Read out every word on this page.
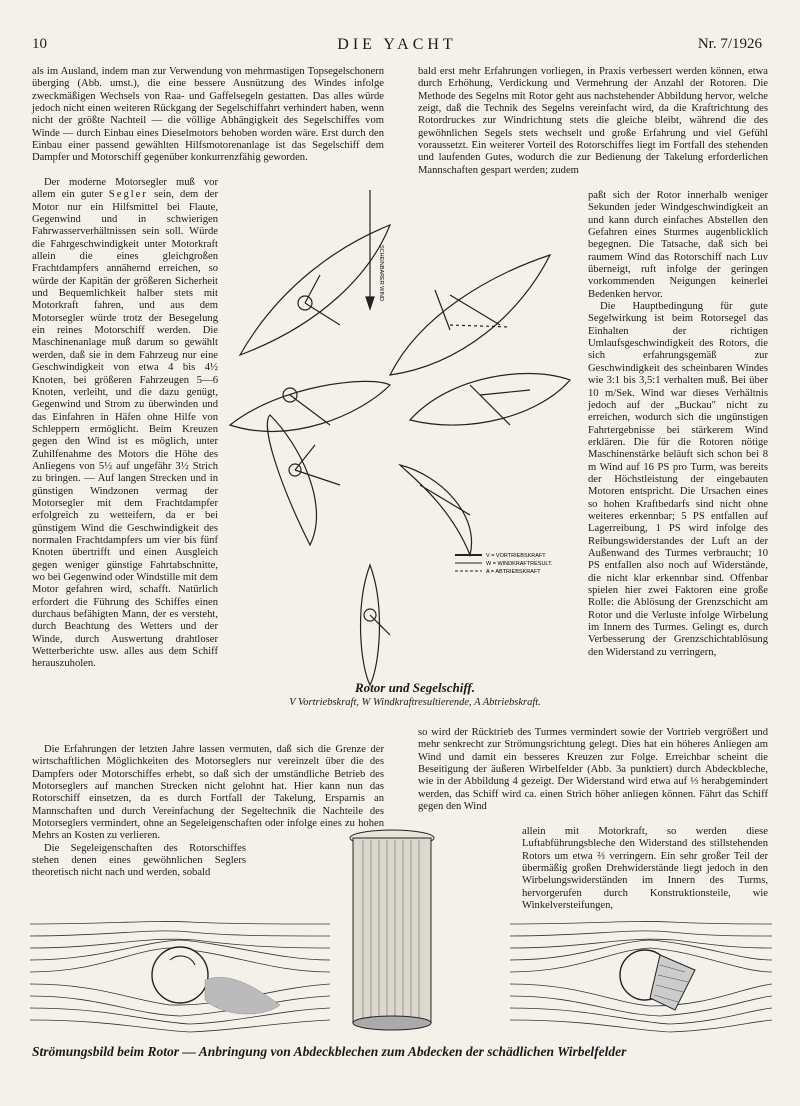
10	DIE YACHT	Nr. 7/1926

als im Ausland, indem man zur Verwendung von mehrmastigen Topsegelschonern überging (Abb. umst.), die eine bessere Ausnützung des Windes infolge zweckmäßigen Wechsels von Raa- und Gaffelsegeln gestatten. Das alles würde jedoch nicht einen weiteren Rückgang der Segelschiffahrt verhindert haben, wenn nicht der größte Nachteil — die völlige Abhängigkeit des Segelschiffes vom Winde — durch Einbau eines Dieselmotors behoben worden wäre. Erst durch den Einbau einer passend gewählten Hilfsmotorenanlage ist das Segelschiff dem Dampfer und Motorschiff gegenüber konkurrenzfähig geworden.

Der moderne Motorsegler muß vor allem ein guter Segler sein, dem der Motor nur ein Hilfsmittel bei Flaute, Gegenwind und in schwierigen Fahrwasserverhältnissen sein soll. Würde die Fahrgeschwindigkeit unter Motorkraft allein die eines gleichgroßen Frachtdampfers annähernd erreichen, so würde der Kapitän der größeren Sicherheit und Bequemlichkeit halber stets mit Motorkraft fahren, und aus dem Motorsegler würde trotz der Besegelung ein reines Motorschiff werden. Die Maschinenanlage muß darum so gewählt werden, daß sie in dem Fahrzeug nur eine Geschwindigkeit von etwa 4 bis 4½ Knoten, bei größeren Fahrzeugen 5—6 Knoten, verleiht, und die dazu genügt, Gegenwind und Strom zu überwinden und das Einfahren in Häfen ohne Hilfe von Schleppern ermöglicht. Beim Kreuzen gegen den Wind ist es möglich, unter Zuhilfenahme des Motors die Höhe des Anliegens von 5½ auf ungefähr 3½ Strich zu bringen. — Auf langen Strecken und in günstigen Windzonen vermag der Motorsegler mit dem Frachtdampfer erfolgreich zu wetteifern, da er bei günstigem Wind die Geschwindigkeit des normalen Frachtdampfers um vier bis fünf Knoten übertrifft und einen Ausgleich gegen weniger günstige Fahrtabschnitte, wo bei Gegenwind oder Windstille mit dem Motor gefahren wird, schafft. Natürlich erfordert die Führung des Schiffes einen durchaus befähigten Mann, der es versteht, durch Beachtung des Wetters und der Winde, durch Auswertung drahtloser Wetterberichte usw. alles aus dem Schiff herauszuholen.

Die Erfahrungen der letzten Jahre lassen vermuten, daß sich die Grenze der wirtschaftlichen Möglichkeiten des Motorseglers nur vereinzelt über die des Dampfers oder Motorschiffes erhebt, so daß sich der umständliche Betrieb des Motorseglers auf manchen Strecken nicht gelohnt hat. Hier kann nun das Rotorschiff einsetzen, da es durch Fortfall der Takelung, Ersparnis an Mannschaften und durch Vereinfachung der Segeltechnik die Nachteile des Motorseglers vermindert, ohne an Segeleigenschaften oder infolge eines zu hohen Mehrs an Kosten zu verlieren.

Die Segeleigenschaften des Rotorschiffes stehen denen eines gewöhnlichen Seglers theoretisch nicht nach und werden, sobald

bald erst mehr Erfahrungen vorliegen, in Praxis verbessert werden können, etwa durch Erhöhung, Verdickung und Vermehrung der Anzahl der Rotoren. Die Methode des Segelns mit Rotor geht aus nachstehender Abbildung hervor, welche zeigt, daß die Technik des Segelns vereinfacht wird, da die Kraftrichtung des Rotordruckes zur Windrichtung stets die gleiche bleibt, während die des gewöhnlichen Segels stets wechselt und große Erfahrung und viel Gefühl voraussetzt. Ein weiterer Vorteil des Rotorschiffes liegt im Fortfall des stehenden und laufenden Gutes, wodurch die zur Bedienung der Takelung erforderlichen Mannschaften gespart werden; zudem

paßt sich der Rotor innerhalb weniger Sekunden jeder Windgeschwindigkeit an und kann durch einfaches Abstellen den Gefahren eines Sturmes augenblicklich begegnen. Die Tatsache, daß sich bei raumem Wind das Rotorschiff nach Luv überneigt, ruft infolge der geringen vorkommenden Neigungen keinerlei Bedenken hervor.

Die Hauptbedingung für gute Segelwirkung ist beim Rotorsegel das Einhalten der richtigen Umlaufsgeschwindigkeit des Rotors, die sich erfahrungsgemäß zur Geschwindigkeit des scheinbaren Windes wie 3:1 bis 3,5:1 verhalten muß. Bei über 10 m/Sek. Wind war dieses Verhältnis jedoch auf der „Buckau" nicht zu erreichen, wodurch sich die ungünstigen Fahrtergebnisse bei stärkerem Wind erklären. Die für die Rotoren nötige Maschinenstärke beläuft sich schon bei 8 m Wind auf 16 PS pro Turm, was bereits der Höchstleistung der eingebauten Motoren entspricht. Die Ursachen eines so hohen Kraftbedarfs sind nicht ohne weiteres erkennbar; 5 PS entfallen auf Lagerreibung, 1 PS wird infolge des Reibungswiderstandes der Luft an der Außenwand des Turmes verbraucht; 10 PS entfallen also noch auf Widerstände, die nicht klar erkennbar sind. Offenbar spielen hier zwei Faktoren eine große Rolle: die Ablösung der Grenzschicht am Rotor und die Verluste infolge Wirbelung im Innern des Turmes. Gelingt es, durch Verbesserung der Grenzschichtablösung den Widerstand zu verringern,

so wird der Rücktrieb des Turmes vermindert sowie der Vortrieb vergrößert und mehr senkrecht zur Strömungsrichtung gelegt. Dies hat ein höheres Anliegen am Wind und damit ein besseres Kreuzen zur Folge. Erreichbar scheint die Beseitigung der äußeren Wirbelfelder (Abb. 3a punktiert) durch Abdeckbleche, wie in der Abbildung 4 gezeigt. Der Widerstand wird etwa auf ⅓ herabgemindert werden, das Schiff wird ca. einen Strich höher anliegen können. Fährt das Schiff gegen den Wind

allein mit Motorkraft, so werden diese Luftabführungsbleche den Widerstand des stillstehenden Rotors um etwa ⅔ verringern. Ein sehr großer Teil der übermäßig großen Drehwiderstände liegt jedoch in den Wirbelungswiderständen im Innern des Turms, hervorgerufen durch Konstruktionsteile, wie Winkelversteifungen,

SCHEINBARER WIND
V = VORTRIEBSKRAFT
W = WINDKRAFTRESULT.
A = ABTRIEBSKRAFT
Rotor und Segelschiff.
V Vortriebskraft, W Windkraftresultierende, A Abtriebskraft.
Strömungsbild beim Rotor — Anbringung von Abdeckblechen zum Abdecken der schädlichen Wirbelfelder
